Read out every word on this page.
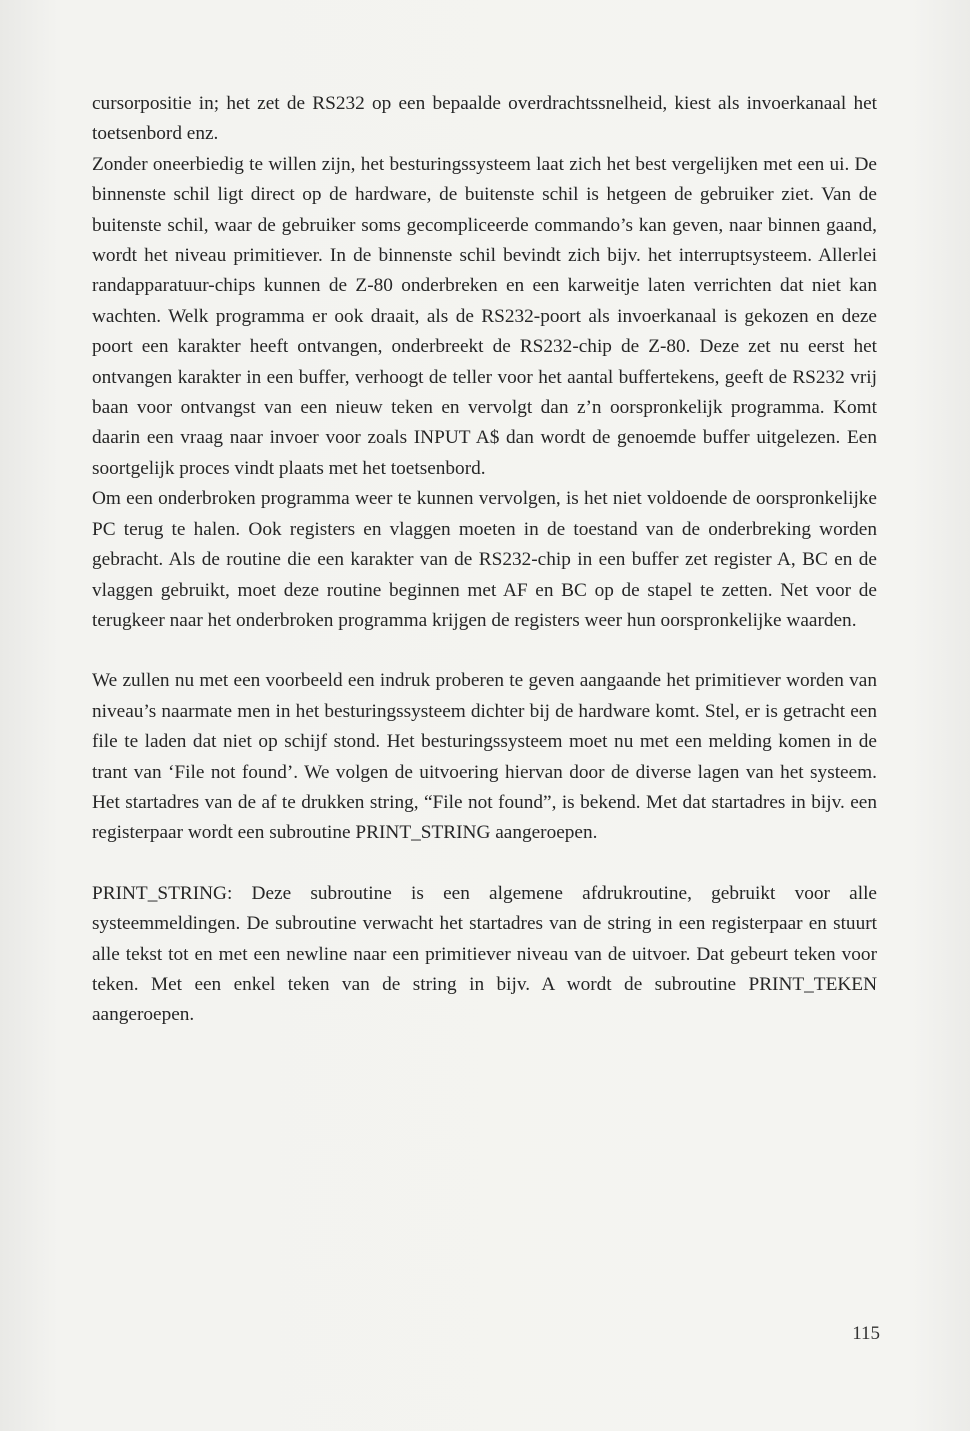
cursorpositie in; het zet de RS232 op een bepaalde overdrachtssnelheid, kiest als invoerkanaal het toetsenbord enz.

Zonder oneerbiedig te willen zijn, het besturingssysteem laat zich het best vergelijken met een ui. De binnenste schil ligt direct op de hardware, de buitenste schil is hetgeen de gebruiker ziet. Van de buitenste schil, waar de gebruiker soms gecompliceerde commando’s kan geven, naar binnen gaand, wordt het niveau primitiever. In de binnenste schil bevindt zich bijv. het interruptsysteem. Allerlei randapparatuur-chips kunnen de Z-80 onderbreken en een karweitje laten verrichten dat niet kan wachten. Welk programma er ook draait, als de RS232-poort als invoerkanaal is gekozen en deze poort een karakter heeft ontvangen, onderbreekt de RS232-chip de Z-80. Deze zet nu eerst het ontvangen karakter in een buffer, verhoogt de teller voor het aantal buffertekens, geeft de RS232 vrij baan voor ontvangst van een nieuw teken en vervolgt dan z’n oorspronkelijk programma. Komt daarin een vraag naar invoer voor zoals INPUT A$ dan wordt de genoemde buffer uitgelezen. Een soortgelijk proces vindt plaats met het toetsenbord.

Om een onderbroken programma weer te kunnen vervolgen, is het niet voldoende de oorspronkelijke PC terug te halen. Ook registers en vlaggen moeten in de toestand van de onderbreking worden gebracht. Als de routine die een karakter van de RS232-chip in een buffer zet register A, BC en de vlaggen gebruikt, moet deze routine beginnen met AF en BC op de stapel te zetten. Net voor de terugkeer naar het onderbroken programma krijgen de registers weer hun oorspronkelijke waarden.

We zullen nu met een voorbeeld een indruk proberen te geven aangaande het primitiever worden van niveau’s naarmate men in het besturingssysteem dichter bij de hardware komt. Stel, er is getracht een file te laden dat niet op schijf stond. Het besturingssysteem moet nu met een melding komen in de trant van ‘File not found’. We volgen de uitvoering hiervan door de diverse lagen van het systeem. Het startadres van de af te drukken string, “File not found”, is bekend. Met dat startadres in bijv. een registerpaar wordt een subroutine PRINT_STRING aangeroepen.

PRINT_STRING: Deze subroutine is een algemene afdrukroutine, gebruikt voor alle systeemmeldingen. De subroutine verwacht het startadres van de string in een registerpaar en stuurt alle tekst tot en met een newline naar een primitiever niveau van de uitvoer. Dat gebeurt teken voor teken. Met een enkel teken van de string in bijv. A wordt de subroutine PRINT_TEKEN aangeroepen.

115
